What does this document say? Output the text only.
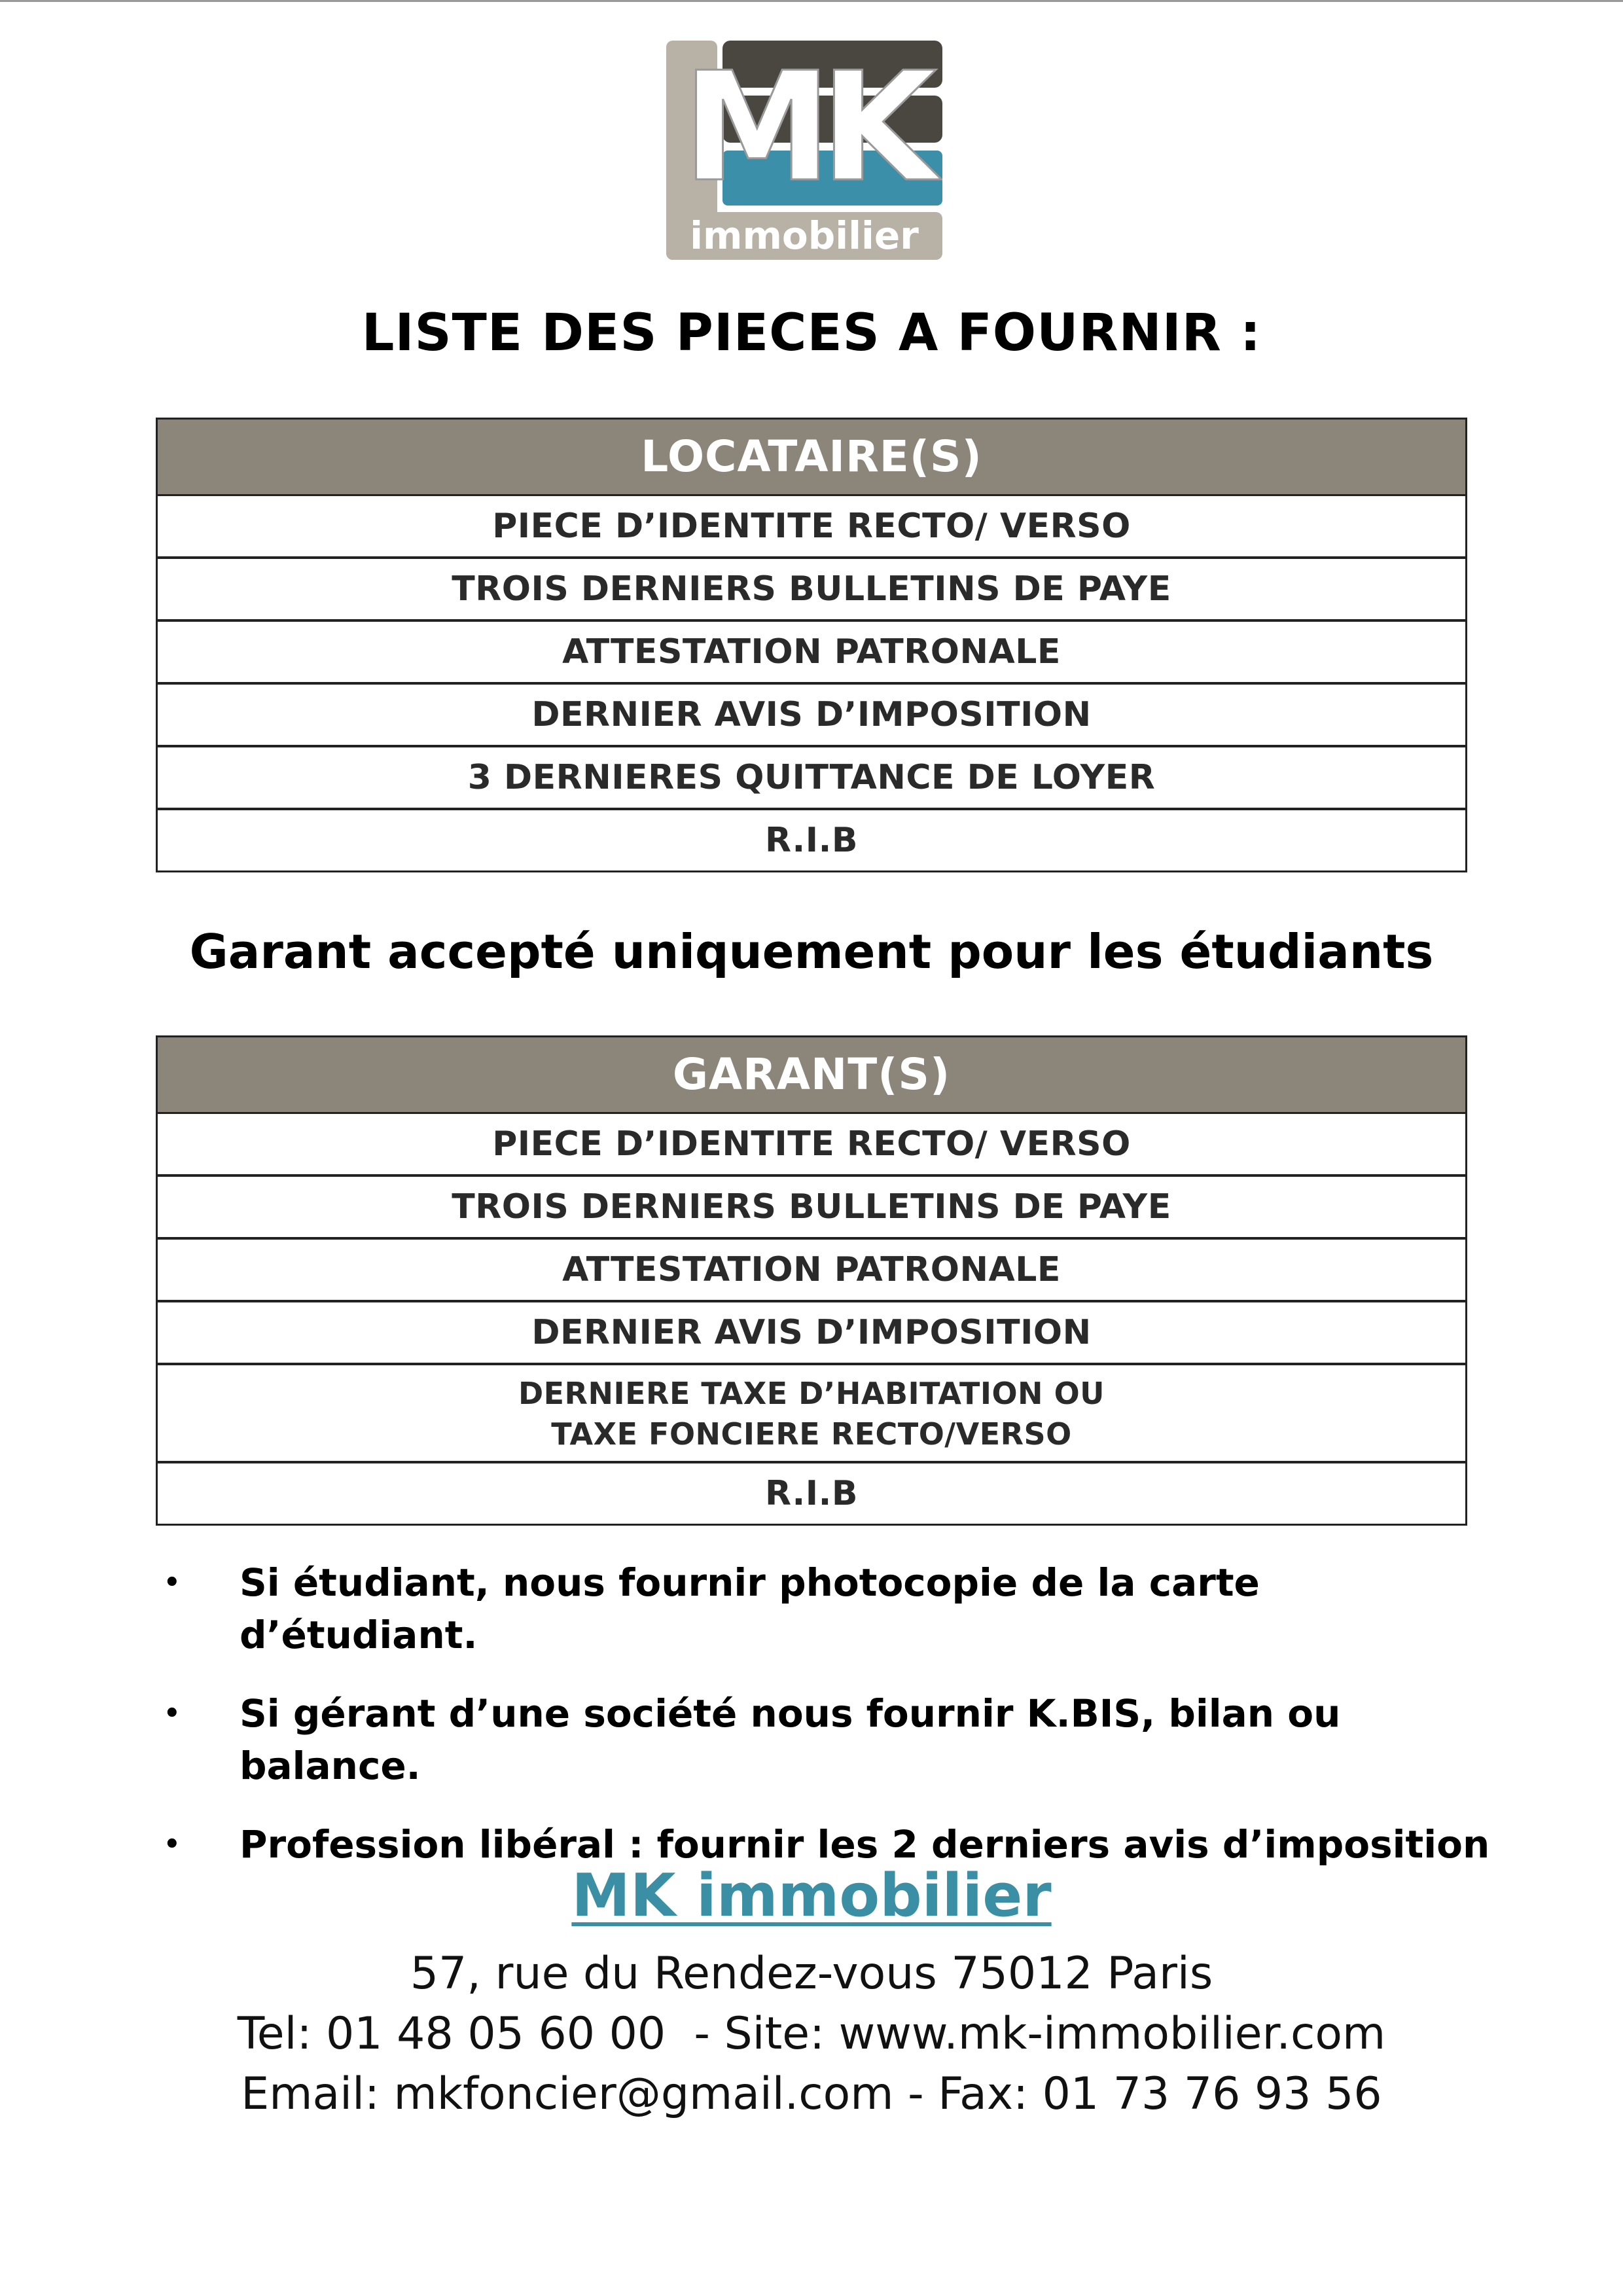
MK
immobilier
LISTE DES PIECES A FOURNIR :
LOCATAIRE(S)
PIECE D’IDENTITE RECTO/ VERSO
TROIS DERNIERS BULLETINS DE PAYE
ATTESTATION PATRONALE
DERNIER AVIS D’IMPOSITION
3 DERNIERES QUITTANCE DE LOYER
R.I.B
Garant accepté uniquement pour les étudiants
GARANT(S)
PIECE D’IDENTITE RECTO/ VERSO
TROIS DERNIERS BULLETINS DE PAYE
ATTESTATION PATRONALE
DERNIER AVIS D’IMPOSITION
DERNIERE TAXE D’HABITATION OU
TAXE FONCIERE RECTO/VERSO
R.I.B
• Si étudiant, nous fournir photocopie de la carte d’étudiant.
• Si gérant d’une société nous fournir K.BIS, bilan ou balance.
• Profession libéral : fournir les 2 derniers avis d’imposition
MK immobilier
57, rue du Rendez-vous 75012 Paris
Tel: 01 48 05 60 00  - Site: www.mk-immobilier.com
Email: mkfoncier@gmail.com - Fax: 01 73 76 93 56
